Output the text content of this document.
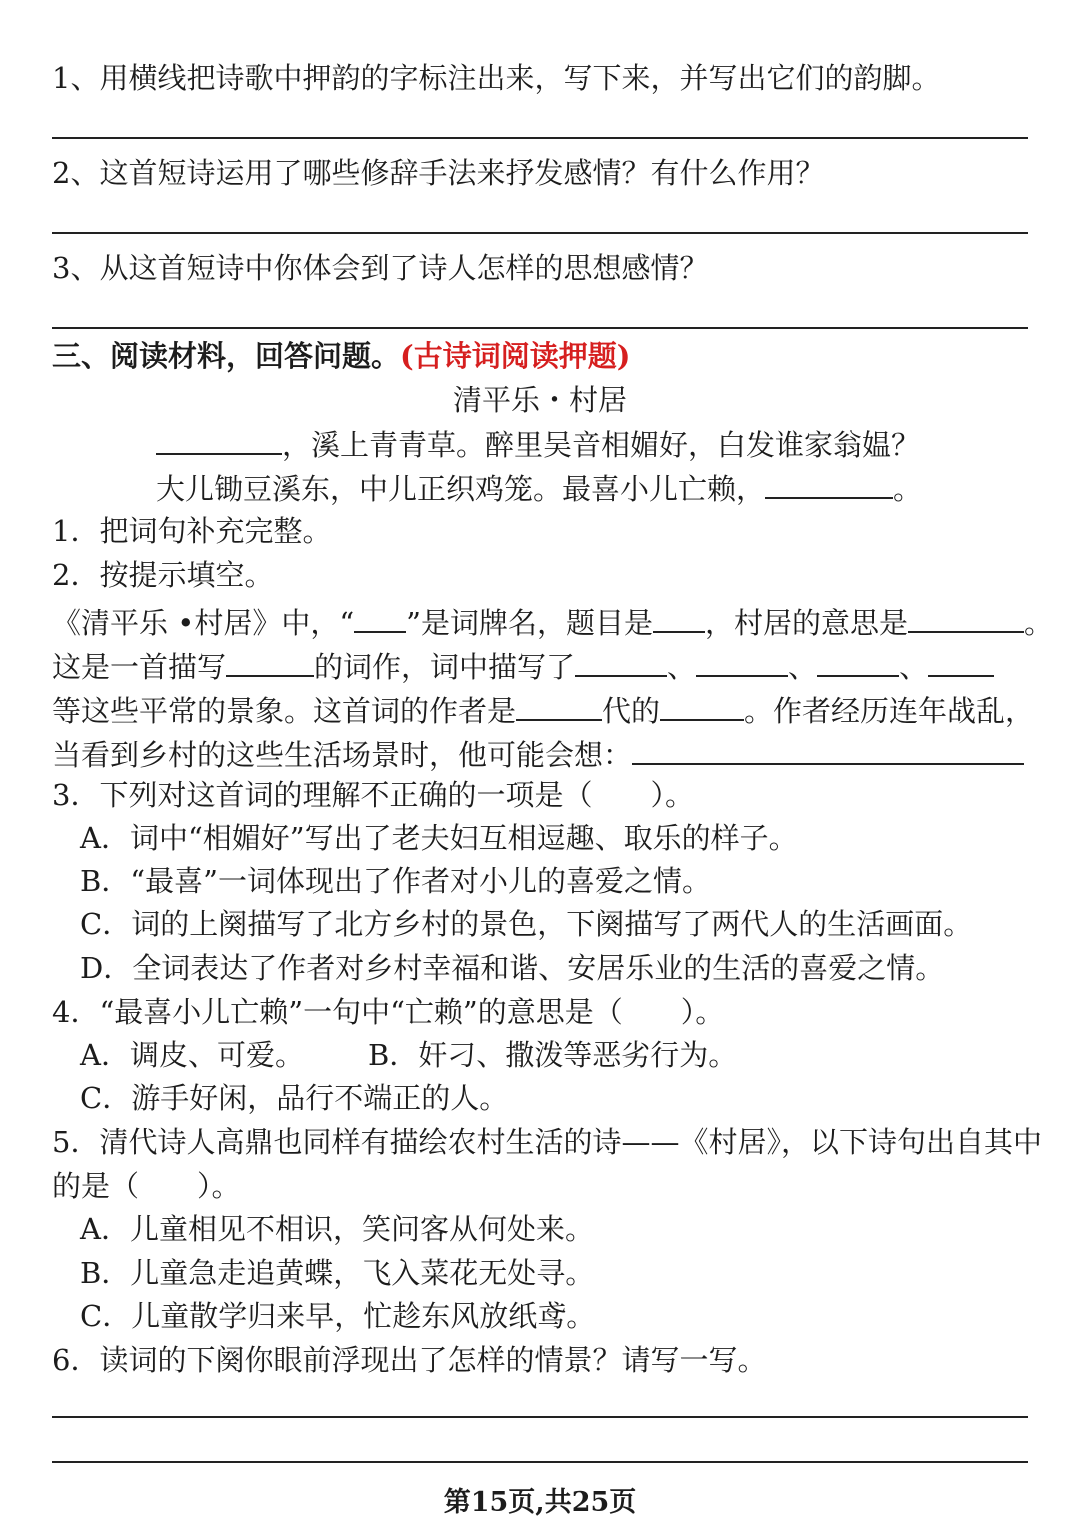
1、用横线把诗歌中押韵的字标注出来，写下来，并写出它们的韵脚。
2、这首短诗运用了哪些修辞手法来抒发感情？有什么作用？
3、从这首短诗中你体会到了诗人怎样的思想感情？
三、阅读材料，回答问题。(古诗词阅读押题)
清平乐・村居
，溪上青青草。醉里吴音相媚好，白发谁家翁媪？
大儿锄豆溪东，中儿正织鸡笼。最喜小儿亡赖，	。
1．把词句补充完整。
2．按提示填空。
《清平乐 •村居》中，“ ”是词牌名，题目是 ，村居的意思是	。
这是一首描写	的词作，词中描写了	、	、	、
等这些平常的景象。这首词的作者是	代的	。作者经历连年战乱，
当看到乡村的这些生活场景时，他可能会想：
3．下列对这首词的理解不正确的一项是（　　）。
A．词中“相媚好”写出了老夫妇互相逗趣、取乐的样子。
B．“最喜”一词体现出了作者对小儿的喜爱之情。
C．词的上阕描写了北方乡村的景色，下阕描写了两代人的生活画面。
D．全词表达了作者对乡村幸福和谐、安居乐业的生活的喜爱之情。
4．“最喜小儿亡赖”一句中“亡赖”的意思是（　　）。
A．调皮、可爱。 B．奸刁、撒泼等恶劣行为。
C．游手好闲，品行不端正的人。
5．清代诗人高鼎也同样有描绘农村生活的诗——《村居》，以下诗句出自其中
的是（　　）。
A．儿童相见不相识，笑问客从何处来。
B．儿童急走追黄蝶，飞入菜花无处寻。
C．儿童散学归来早，忙趁东风放纸鸢。
6．读词的下阕你眼前浮现出了怎样的情景？请写一写。
第15页,共25页
